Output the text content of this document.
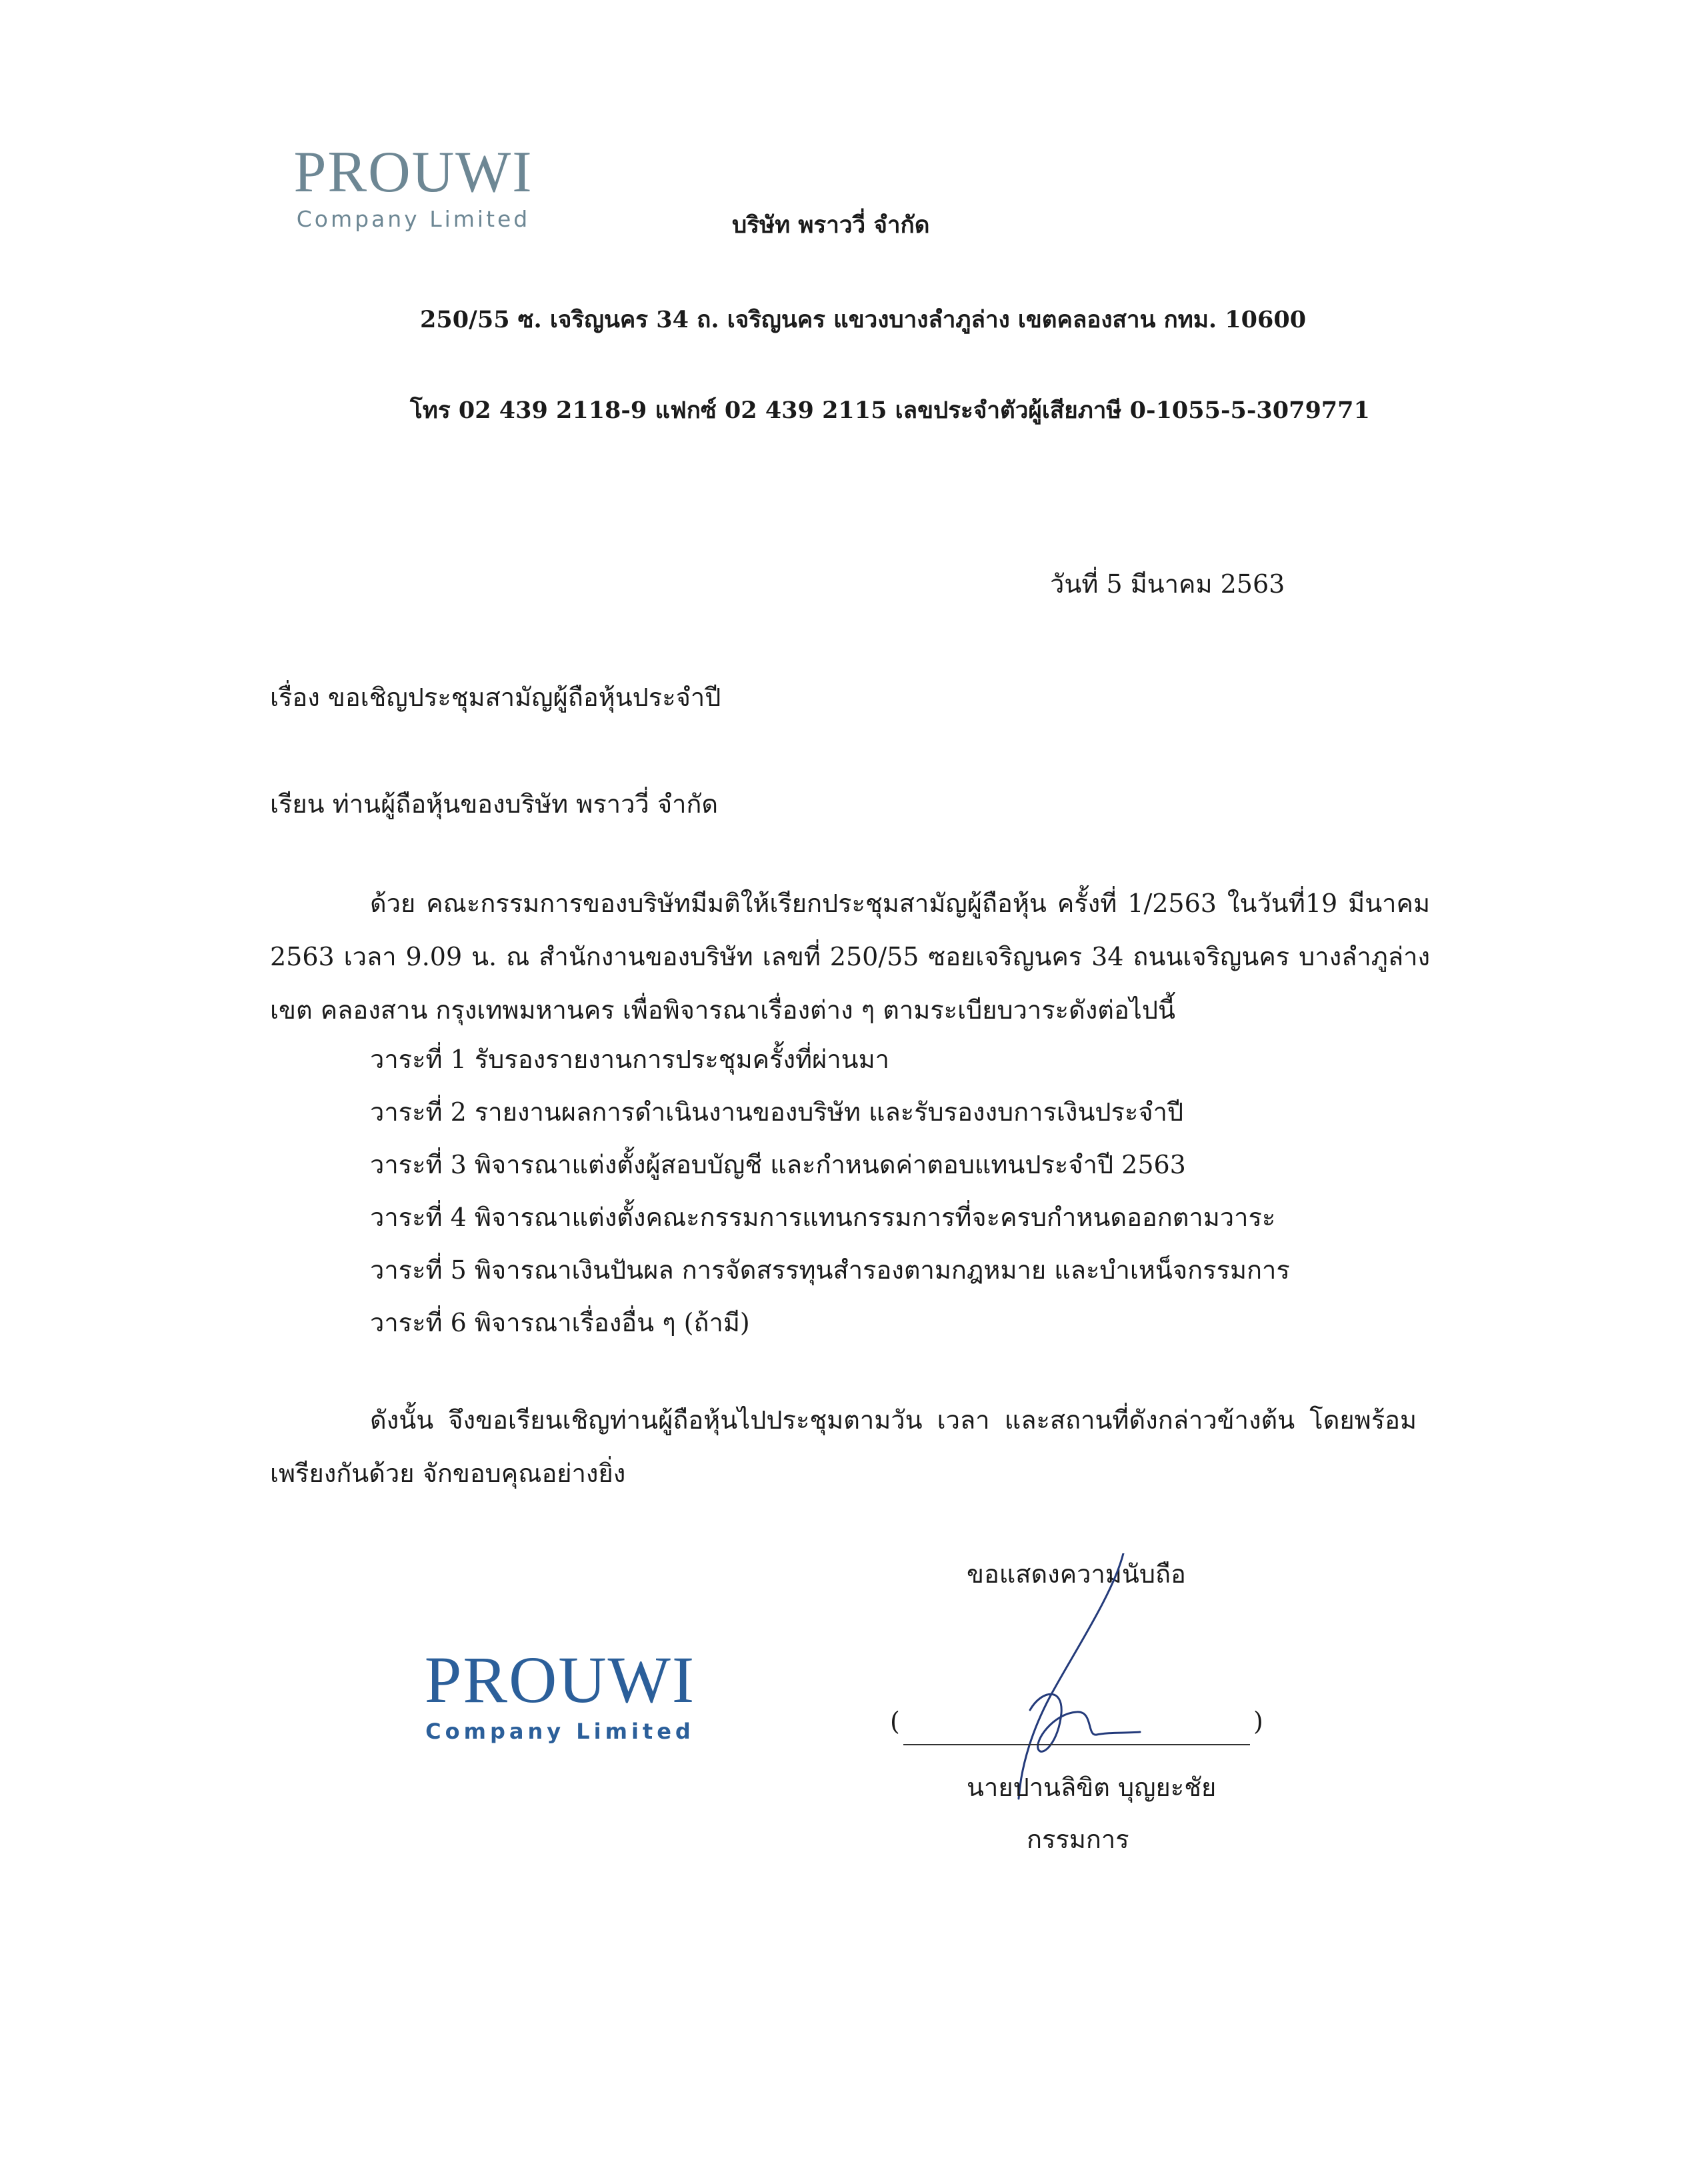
PROUWI
Company Limited	บริษัท พราววี่ จำกัด
250/55 ซ. เจริญนคร 34 ถ. เจริญนคร แขวงบางลำภูล่าง เขตคลองสาน กทม. 10600
โทร 02 439 2118-9 แฟกซ์ 02 439 2115 เลขประจำตัวผู้เสียภาษี 0-1055-5-3079771
วันที่ 5 มีนาคม 2563
เรื่อง ขอเชิญประชุมสามัญผู้ถือหุ้นประจำปี
เรียน ท่านผู้ถือหุ้นของบริษัท พราววี่ จำกัด
ด้วย คณะกรรมการของบริษัทมีมติให้เรียกประชุมสามัญผู้ถือหุ้น ครั้งที่ 1/2563 ในวันที่19 มีนาคม 2563 เวลา 9.09 น. ณ สำนักงานของบริษัท เลขที่ 250/55 ซอยเจริญนคร 34 ถนนเจริญนคร บางลำภูล่าง เขต คลองสาน กรุงเทพมหานคร เพื่อพิจารณาเรื่องต่าง ๆ ตามระเบียบวาระดังต่อไปนี้
วาระที่ 1 รับรองรายงานการประชุมครั้งที่ผ่านมา
วาระที่ 2 รายงานผลการดำเนินงานของบริษัท และรับรองงบการเงินประจำปี
วาระที่ 3 พิจารณาแต่งตั้งผู้สอบบัญชี และกำหนดค่าตอบแทนประจำปี 2563
วาระที่ 4 พิจารณาแต่งตั้งคณะกรรมการแทนกรรมการที่จะครบกำหนดออกตามวาระ
วาระที่ 5 พิจารณาเงินปันผล การจัดสรรทุนสำรองตามกฎหมาย และบำเหน็จกรรมการ
วาระที่ 6 พิจารณาเรื่องอื่น ๆ (ถ้ามี)
ดังนั้น จึงขอเรียนเชิญท่านผู้ถือหุ้นไปประชุมตามวัน เวลา และสถานที่ดังกล่าวข้างต้น โดยพร้อมเพรียงกันด้วย จักขอบคุณอย่างยิ่ง
ขอแสดงความนับถือ
(	)
นายปานลิขิต บุญยะชัย
กรรมการ
PROUWI
Company Limited
